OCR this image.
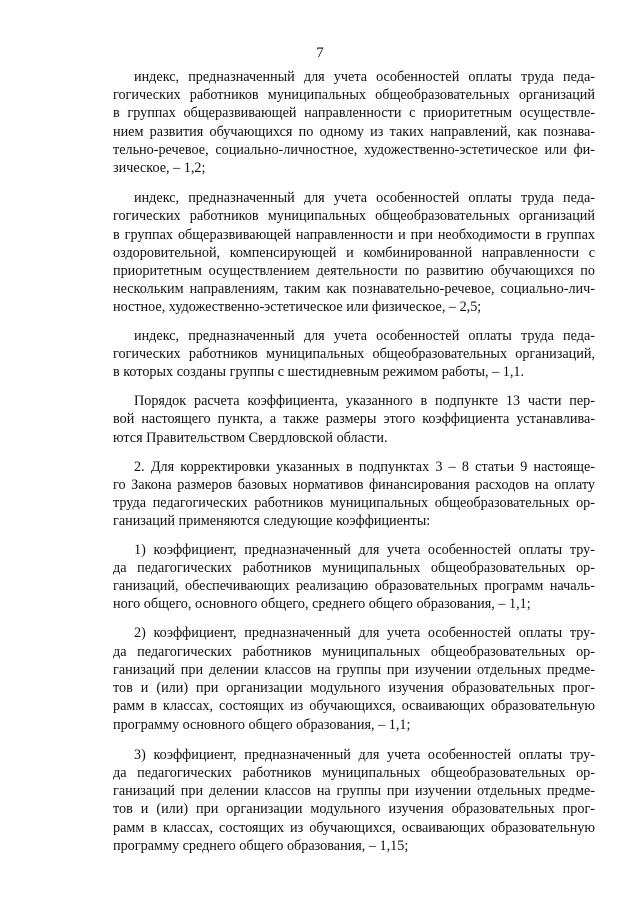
7

индекс, предназначенный для учета особенностей оплаты труда педа-
гогических работников муниципальных общеобразовательных организаций
в группах общеразвивающей направленности с приоритетным осуществле-
нием развития обучающихся по одному из таких направлений, как познава-
тельно-речевое, социально-личностное, художественно-эстетическое или фи-
зическое, – 1,2;

индекс, предназначенный для учета особенностей оплаты труда педа-
гогических работников муниципальных общеобразовательных организаций
в группах общеразвивающей направленности и при необходимости в группах
оздоровительной, компенсирующей и комбинированной направленности с
приоритетным осуществлением деятельности по развитию обучающихся по
нескольким направлениям, таким как познавательно-речевое, социально-лич-
ностное, художественно-эстетическое или физическое, – 2,5;

индекс, предназначенный для учета особенностей оплаты труда педа-
гогических работников муниципальных общеобразовательных организаций,
в которых созданы группы с шестидневным режимом работы, – 1,1.

Порядок расчета коэффициента, указанного в подпункте 13 части пер-
вой настоящего пункта, а также размеры этого коэффициента устанавлива-
ются Правительством Свердловской области.

2. Для корректировки указанных в подпунктах 3 – 8 статьи 9 настояще-
го Закона размеров базовых нормативов финансирования расходов на оплату
труда педагогических работников муниципальных общеобразовательных ор-
ганизаций применяются следующие коэффициенты:

1) коэффициент, предназначенный для учета особенностей оплаты тру-
да педагогических работников муниципальных общеобразовательных ор-
ганизаций, обеспечивающих реализацию образовательных программ началь-
ного общего, основного общего, среднего общего образования, – 1,1;

2) коэффициент, предназначенный для учета особенностей оплаты тру-
да педагогических работников муниципальных общеобразовательных ор-
ганизаций при делении классов на группы при изучении отдельных предме-
тов и (или) при организации модульного изучения образовательных прог-
рамм в классах, состоящих из обучающихся, осваивающих образовательную
программу основного общего образования, – 1,1;

3) коэффициент, предназначенный для учета особенностей оплаты тру-
да педагогических работников муниципальных общеобразовательных ор-
ганизаций при делении классов на группы при изучении отдельных предме-
тов и (или) при организации модульного изучения образовательных прог-
рамм в классах, состоящих из обучающихся, осваивающих образовательную
программу среднего общего образования, – 1,15;
